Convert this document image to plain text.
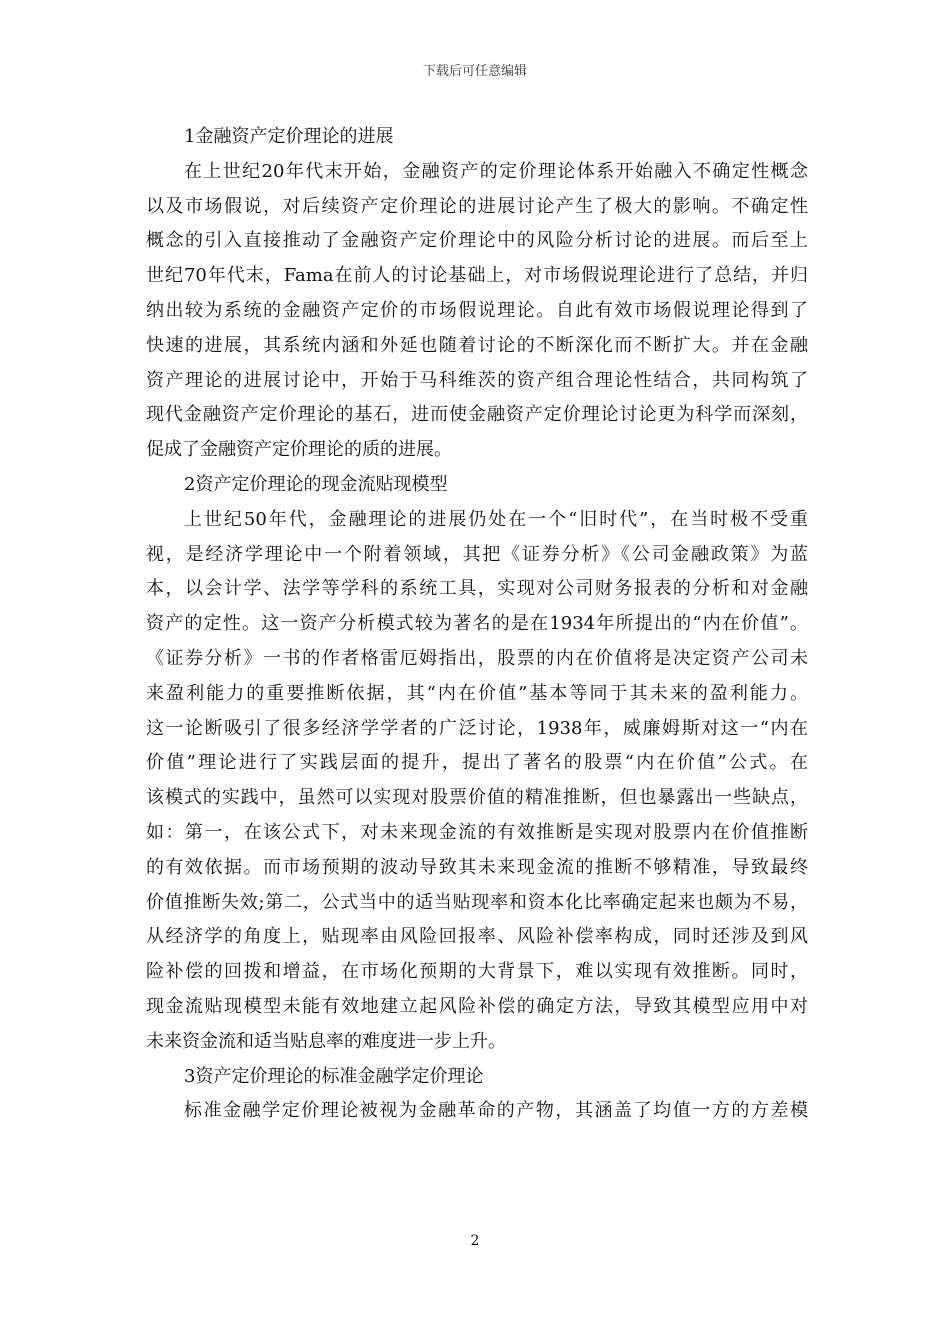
下载后可任意编辑
1金融资产定价理论的进展
在上世纪20年代末开始，金融资产的定价理论体系开始融入不确定性概念
以及市场假说，对后续资产定价理论的进展讨论产生了极大的影响。不确定性
概念的引入直接推动了金融资产定价理论中的风险分析讨论的进展。而后至上
世纪70年代末，Fama在前人的讨论基础上，对市场假说理论进行了总结，并归
纳出较为系统的金融资产定价的市场假说理论。自此有效市场假说理论得到了
快速的进展，其系统内涵和外延也随着讨论的不断深化而不断扩大。并在金融
资产理论的进展讨论中，开始于马科维茨的资产组合理论性结合，共同构筑了
现代金融资产定价理论的基石，进而使金融资产定价理论讨论更为科学而深刻，
促成了金融资产定价理论的质的进展。
2资产定价理论的现金流贴现模型
上世纪50年代，金融理论的进展仍处在一个“旧时代”，在当时极不受重
视，是经济学理论中一个附着领域，其把《证券分析》《公司金融政策》为蓝
本，以会计学、法学等学科的系统工具，实现对公司财务报表的分析和对金融
资产的定性。这一资产分析模式较为著名的是在1934年所提出的“内在价值”。
《证券分析》一书的作者格雷厄姆指出，股票的内在价值将是决定资产公司未
来盈利能力的重要推断依据，其“内在价值”基本等同于其未来的盈利能力。
这一论断吸引了很多经济学学者的广泛讨论，1938年，威廉姆斯对这一“内在
价值”理论进行了实践层面的提升，提出了著名的股票“内在价值”公式。在
该模式的实践中，虽然可以实现对股票价值的精准推断，但也暴露出一些缺点，
如：第一，在该公式下，对未来现金流的有效推断是实现对股票内在价值推断
的有效依据。而市场预期的波动导致其未来现金流的推断不够精准，导致最终
价值推断失效;第二，公式当中的适当贴现率和资本化比率确定起来也颇为不易，
从经济学的角度上，贴现率由风险回报率、风险补偿率构成，同时还涉及到风
险补偿的回拨和增益，在市场化预期的大背景下，难以实现有效推断。同时，
现金流贴现模型未能有效地建立起风险补偿的确定方法，导致其模型应用中对
未来资金流和适当贴息率的难度进一步上升。
3资产定价理论的标准金融学定价理论
标准金融学定价理论被视为金融革命的产物，其涵盖了均值一方的方差模
2
